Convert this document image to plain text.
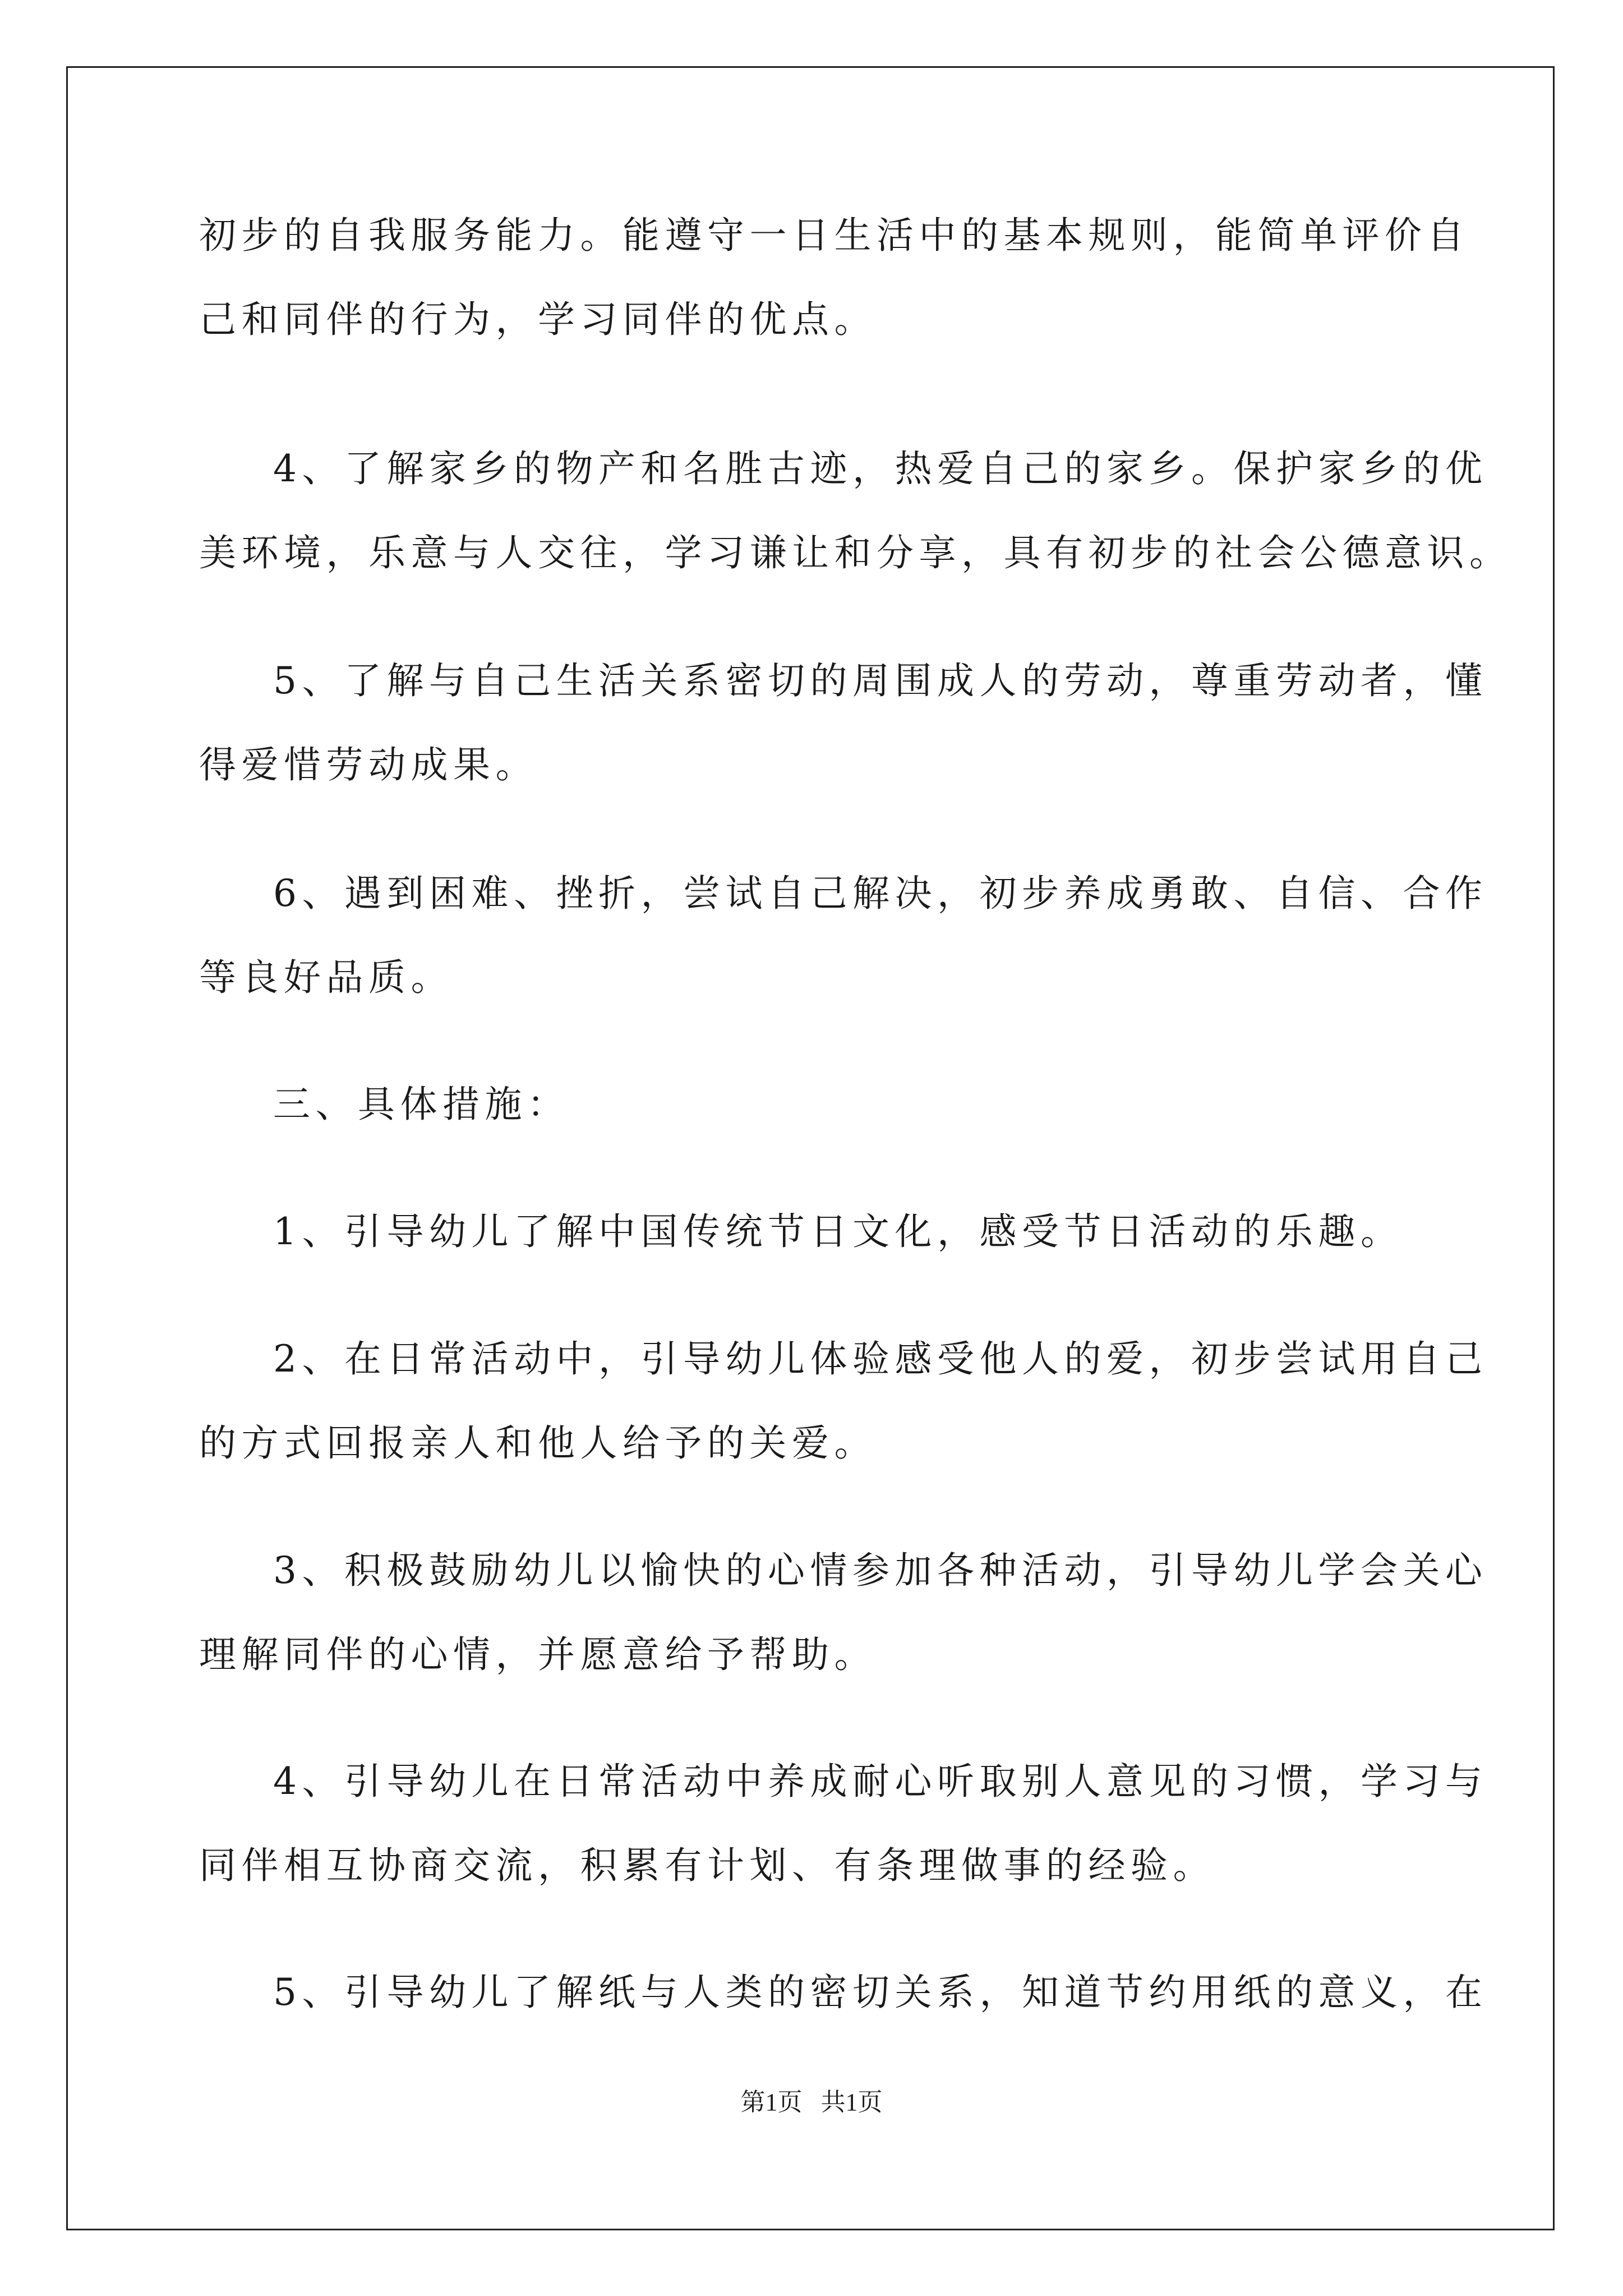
初步的自我服务能力。能遵守一日生活中的基本规则，能简单评价自
己和同伴的行为，学习同伴的优点。
4、了解家乡的物产和名胜古迹，热爱自己的家乡。保护家乡的优
美环境，乐意与人交往，学习谦让和分享，具有初步的社会公德意识。
5、了解与自己生活关系密切的周围成人的劳动，尊重劳动者，懂
得爱惜劳动成果。
6、遇到困难、挫折，尝试自己解决，初步养成勇敢、自信、合作
等良好品质。
三、具体措施：
1、引导幼儿了解中国传统节日文化，感受节日活动的乐趣。
2、在日常活动中，引导幼儿体验感受他人的爱，初步尝试用自己
的方式回报亲人和他人给予的关爱。
3、积极鼓励幼儿以愉快的心情参加各种活动，引导幼儿学会关心
理解同伴的心情，并愿意给予帮助。
4、引导幼儿在日常活动中养成耐心听取别人意见的习惯，学习与
同伴相互协商交流，积累有计划、有条理做事的经验。
5、引导幼儿了解纸与人类的密切关系，知道节约用纸的意义，在
第1页   共1页
